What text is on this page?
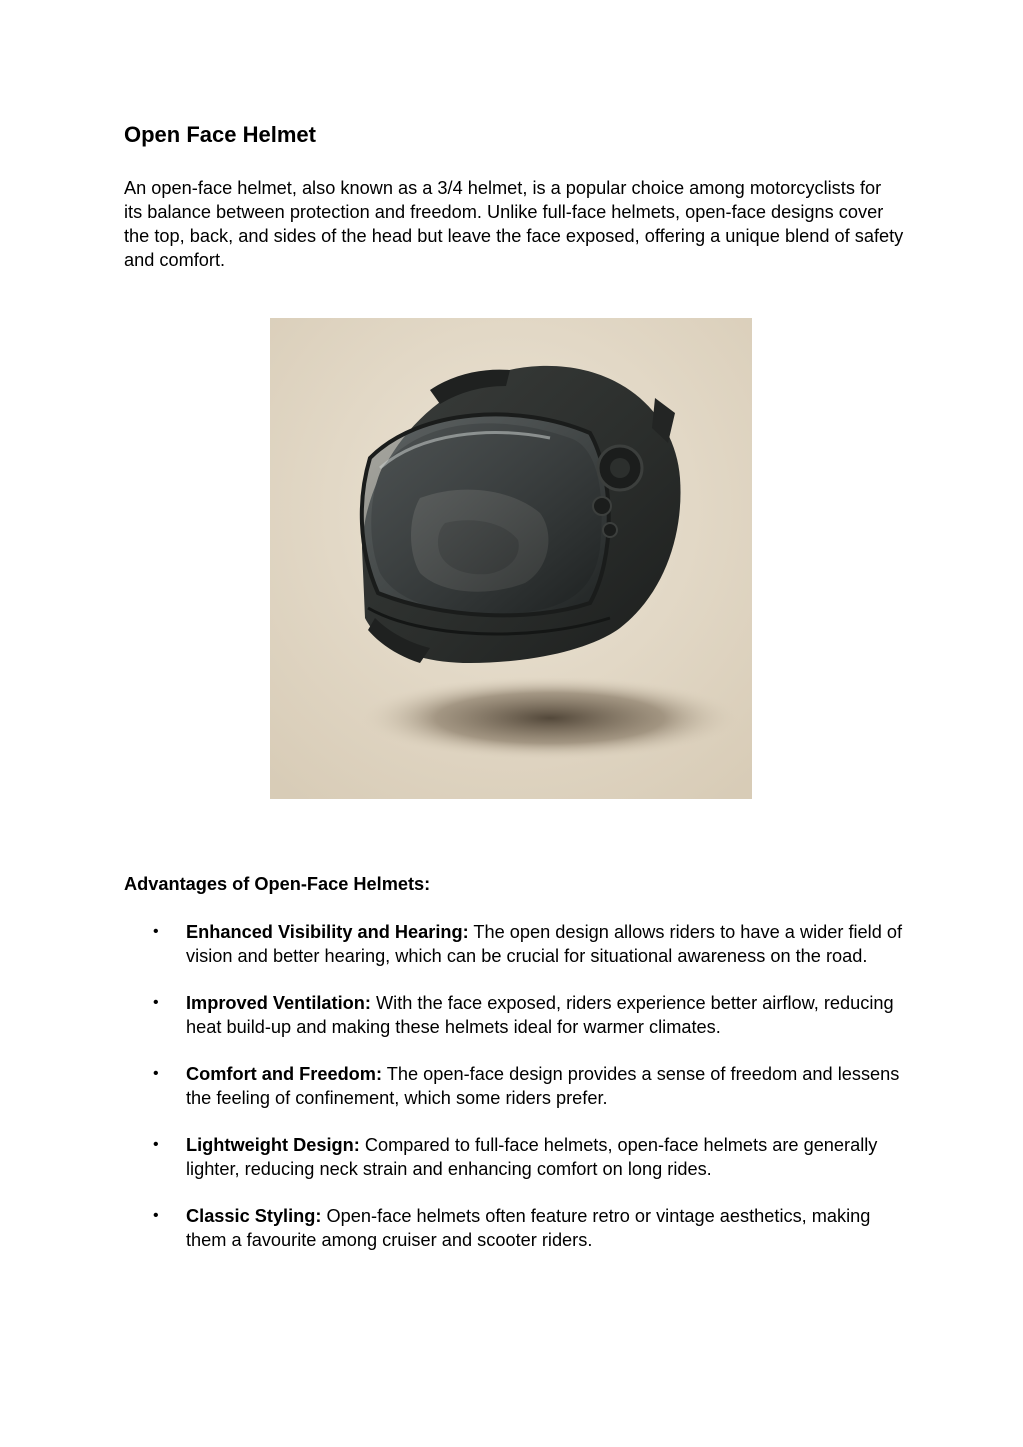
Open Face Helmet

An open-face helmet, also known as a 3/4 helmet, is a popular choice among motorcyclists for its balance between protection and freedom. Unlike full-face helmets, open-face designs cover the top, back, and sides of the head but leave the face exposed, offering a unique blend of safety and comfort.

Advantages of Open-Face Helmets:
• Enhanced Visibility and Hearing: The open design allows riders to have a wider field of vision and better hearing, which can be crucial for situational awareness on the road.
• Improved Ventilation: With the face exposed, riders experience better airflow, reducing heat build-up and making these helmets ideal for warmer climates.
• Comfort and Freedom: The open-face design provides a sense of freedom and lessens the feeling of confinement, which some riders prefer.
• Lightweight Design: Compared to full-face helmets, open-face helmets are generally lighter, reducing neck strain and enhancing comfort on long rides.
• Classic Styling: Open-face helmets often feature retro or vintage aesthetics, making them a favourite among cruiser and scooter riders.
